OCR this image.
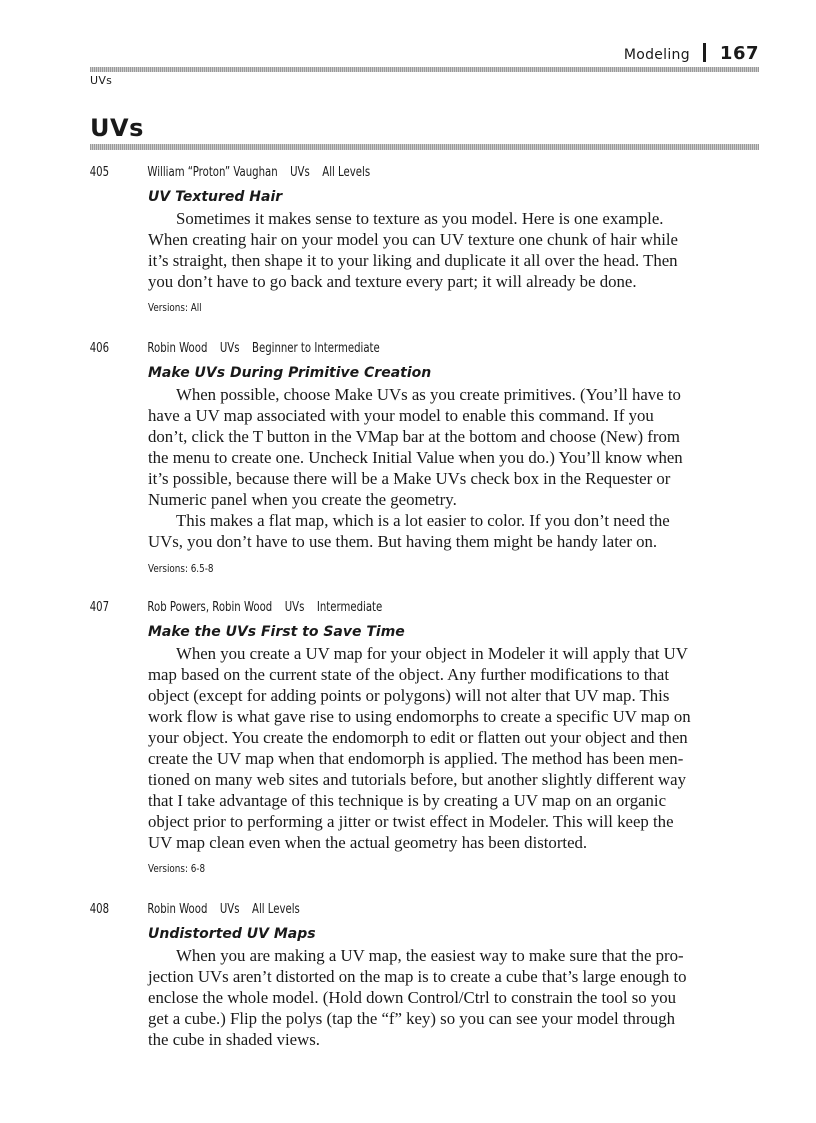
Modeling 167
UVs
UVs
405	William “Proton” Vaughan UVs All Levels
UV Textured Hair

Sometimes it makes sense to texture as you model. Here is one example.
When creating hair on your model you can UV texture one chunk of hair while
it’s straight, then shape it to your liking and duplicate it all over the head. Then
you don’t have to go back and texture every part; it will already be done.

Versions: All
406	Robin Wood UVs Beginner to Intermediate
Make UVs During Primitive Creation

When possible, choose Make UVs as you create primitives. (You’ll have to
have a UV map associated with your model to enable this command. If you
don’t, click the T button in the VMap bar at the bottom and choose (New) from
the menu to create one. Uncheck Initial Value when you do.) You’ll know when
it’s possible, because there will be a Make UVs check box in the Requester or
Numeric panel when you create the geometry.

This makes a flat map, which is a lot easier to color. If you don’t need the
UVs, you don’t have to use them. But having them might be handy later on.

Versions: 6.5-8
407	Rob Powers, Robin Wood UVs Intermediate
Make the UVs First to Save Time

When you create a UV map for your object in Modeler it will apply that UV
map based on the current state of the object. Any further modifications to that
object (except for adding points or polygons) will not alter that UV map. This
work flow is what gave rise to using endomorphs to create a specific UV map on
your object. You create the endomorph to edit or flatten out your object and then
create the UV map when that endomorph is applied. The method has been men-
tioned on many web sites and tutorials before, but another slightly different way
that I take advantage of this technique is by creating a UV map on an organic
object prior to performing a jitter or twist effect in Modeler. This will keep the
UV map clean even when the actual geometry has been distorted.

Versions: 6-8
408	Robin Wood UVs All Levels
Undistorted UV Maps

When you are making a UV map, the easiest way to make sure that the pro-
jection UVs aren’t distorted on the map is to create a cube that’s large enough to
enclose the whole model. (Hold down Control/Ctrl to constrain the tool so you
get a cube.) Flip the polys (tap the “f” key) so you can see your model through
the cube in shaded views.
